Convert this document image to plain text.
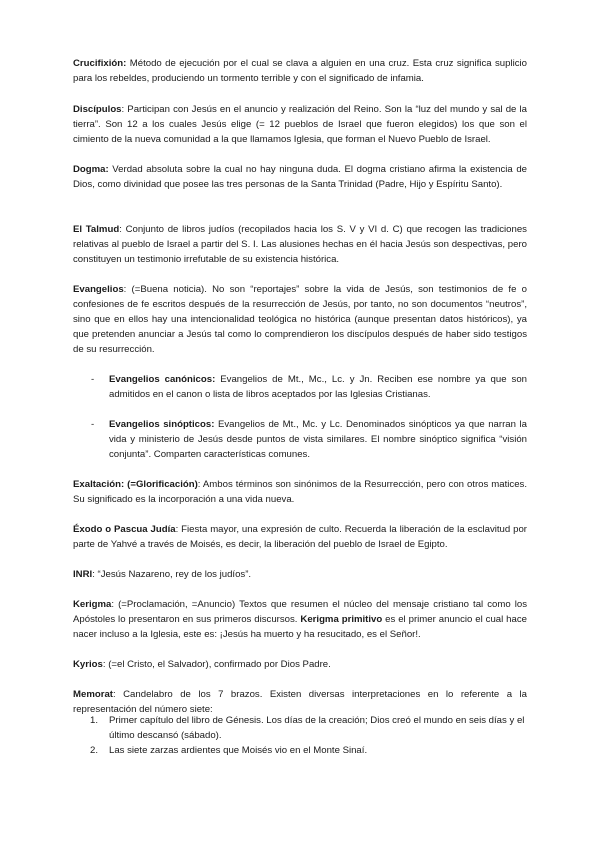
Crucifixión: Método de ejecución por el cual se clava a alguien en una cruz. Esta cruz significa suplicio para los rebeldes, produciendo un tormento terrible y con el significado de infamia.

Discípulos: Participan con Jesús en el anuncio y realización del Reino. Son la “luz del mundo y sal de la tierra”. Son 12 a los cuales Jesús elige (= 12 pueblos de Israel que fueron elegidos) los que son el cimiento de la nueva comunidad a la que llamamos Iglesia, que forman el Nuevo Pueblo de Israel.

Dogma: Verdad absoluta sobre la cual no hay ninguna duda. El dogma cristiano afirma la existencia de Dios, como divinidad que posee las tres personas de la Santa Trinidad (Padre, Hijo y Espíritu Santo).

El Talmud: Conjunto de libros judíos (recopilados hacia los S. V y VI d. C) que recogen las tradiciones relativas al pueblo de Israel a partir del S. I. Las alusiones hechas en él hacia Jesús son despectivas, pero constituyen un testimonio irrefutable de su existencia histórica.

Evangelios: (=Buena noticia). No son “reportajes” sobre la vida de Jesús, son testimonios de fe o confesiones de fe escritos después de la resurrección de Jesús, por tanto, no son documentos “neutros”, sino que en ellos hay una intencionalidad teológica no histórica (aunque presentan datos históricos), ya que pretenden anunciar a Jesús tal como lo comprendieron los discípulos después de haber sido testigos de su resurrección.

- Evangelios canónicos: Evangelios de Mt., Mc., Lc. y Jn. Reciben ese nombre ya que son admitidos en el canon o lista de libros aceptados por las Iglesias Cristianas.

- Evangelios sinópticos: Evangelios de Mt., Mc. y Lc. Denominados sinópticos ya que narran la vida y ministerio de Jesús desde puntos de vista similares. El nombre sinóptico significa “visión conjunta”. Comparten características comunes.

Exaltación: (=Glorificación): Ambos términos son sinónimos de la Resurrección, pero con otros matices. Su significado es la incorporación a una vida nueva.

Éxodo o Pascua Judía: Fiesta mayor, una expresión de culto. Recuerda la liberación de la esclavitud por parte de Yahvé a través de Moisés, es decir, la liberación del pueblo de Israel de Egipto.

INRI: “Jesús Nazareno, rey de los judíos”.

Kerigma: (=Proclamación, =Anuncio) Textos que resumen el núcleo del mensaje cristiano tal como los Apóstoles lo presentaron en sus primeros discursos. Kerigma primitivo es el primer anuncio el cual hace nacer incluso a la Iglesia, este es: ¡Jesús ha muerto y ha resucitado, es el Señor!.

Kyrios: (=el Cristo, el Salvador), confirmado por Dios Padre.

Memorat: Candelabro de los 7 brazos. Existen diversas interpretaciones en lo referente a la representación del número siete:

1. Primer capítulo del libro de Génesis. Los días de la creación; Dios creó el mundo en seis días y el último descansó (sábado).

2. Las siete zarzas ardientes que Moisés vio en el Monte Sinaí.
